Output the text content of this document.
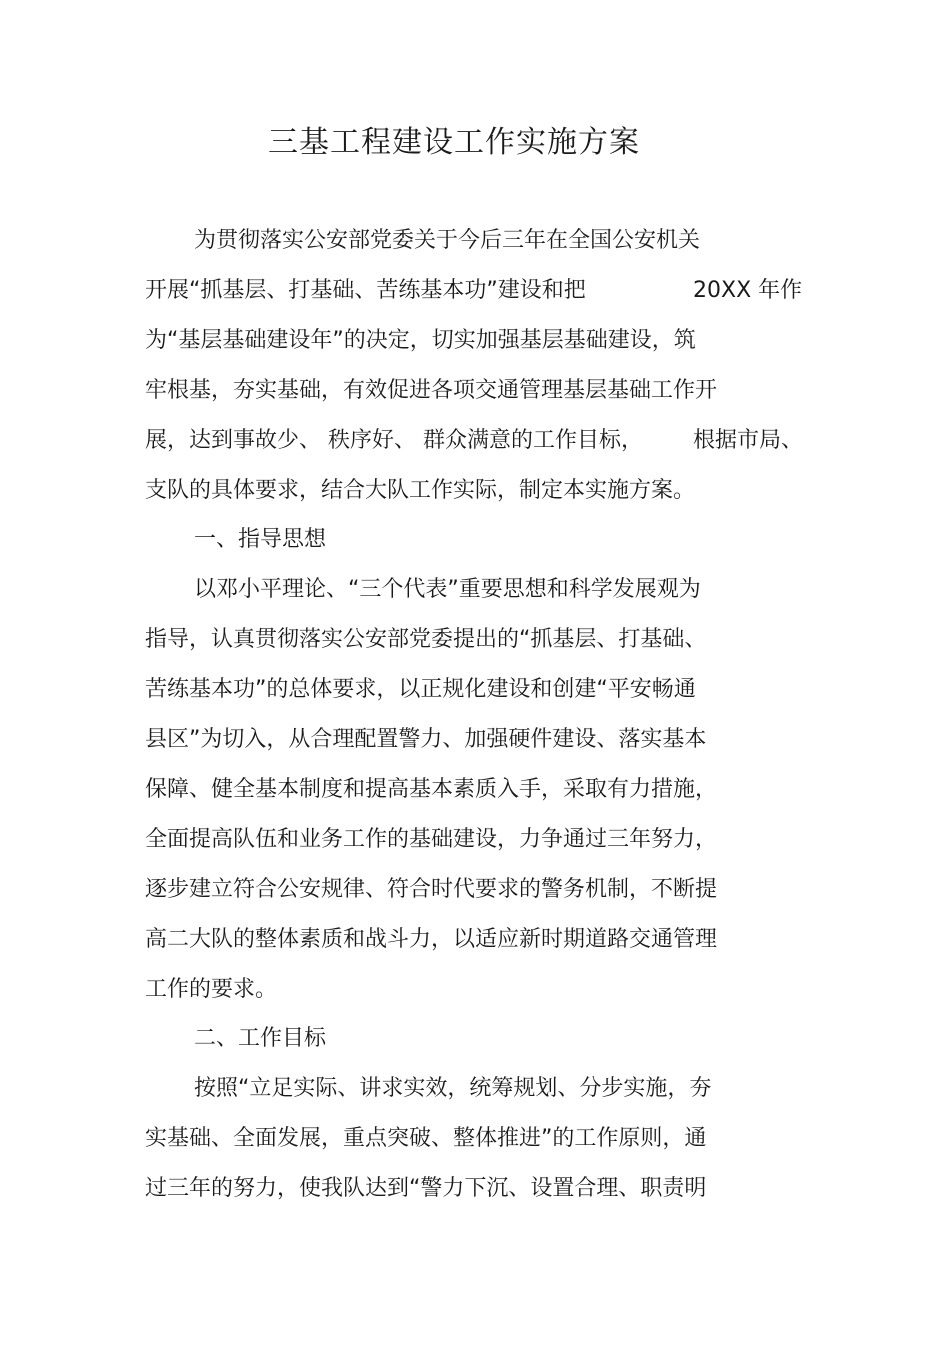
三基工程建设工作实施方案
为贯彻落实公安部党委关于今后三年在全国公安机关
开展“抓基层、打基础、苦练基本功”建设和把	20XX 年作
为“基层基础建设年”的决定，切实加强基层基础建设，筑
牢根基，夯实基础，有效促进各项交通管理基层基础工作开
展，达到事故少、 秩序好、 群众满意的工作目标， 根据市局、
支队的具体要求，结合大队工作实际，制定本实施方案。
一、指导思想
以邓小平理论、“三个代表”重要思想和科学发展观为
指导，认真贯彻落实公安部党委提出的“抓基层、打基础、
苦练基本功”的总体要求，以正规化建设和创建“平安畅通
县区”为切入，从合理配置警力、加强硬件建设、落实基本
保障、健全基本制度和提高基本素质入手，采取有力措施，
全面提高队伍和业务工作的基础建设，力争通过三年努力，
逐步建立符合公安规律、符合时代要求的警务机制，不断提
高二大队的整体素质和战斗力，以适应新时期道路交通管理
工作的要求。
二、工作目标
按照“立足实际、讲求实效，统筹规划、分步实施，夯
实基础、全面发展，重点突破、整体推进”的工作原则，通
过三年的努力，使我队达到“警力下沉、设置合理、职责明
